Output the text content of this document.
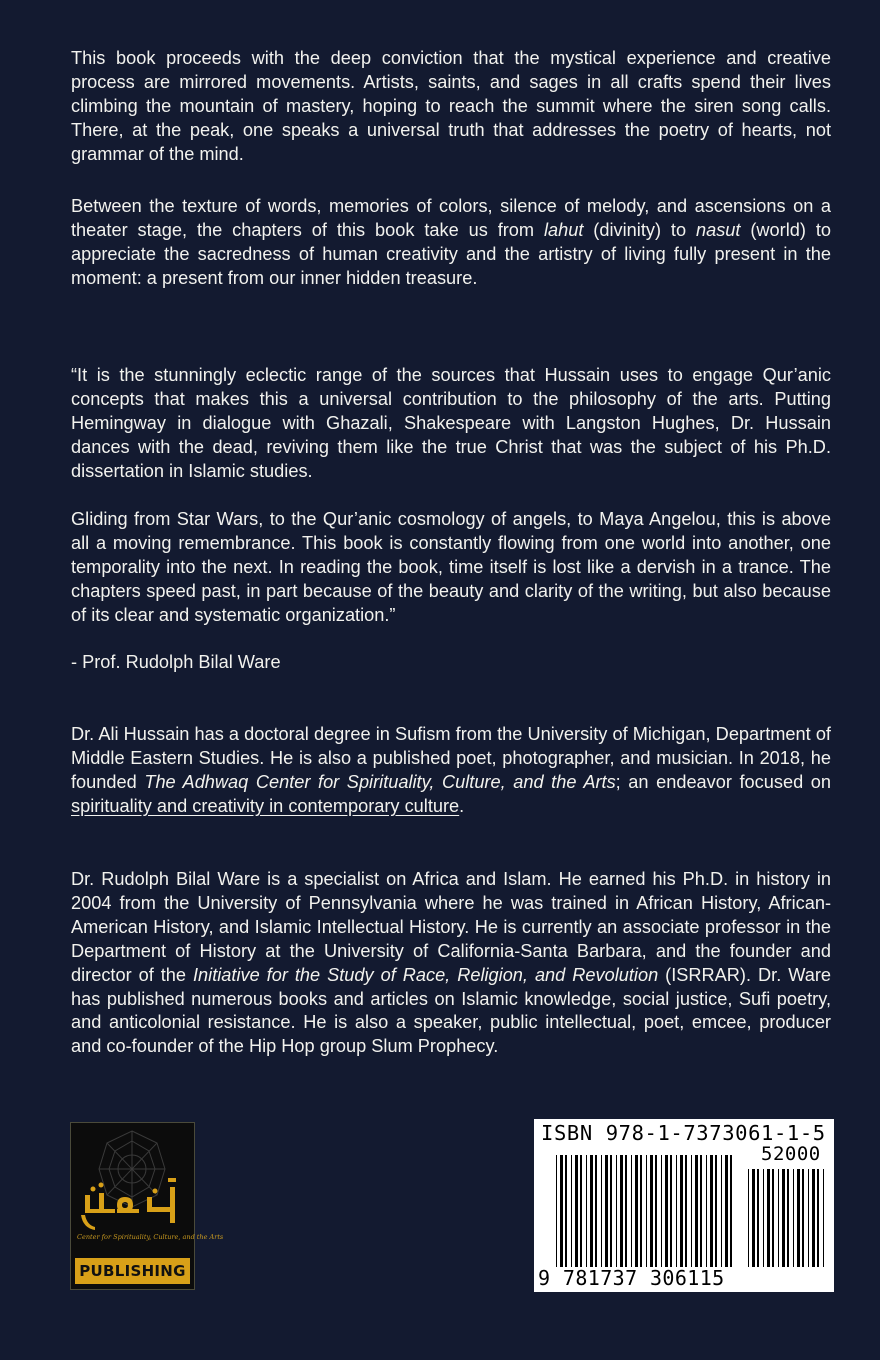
This book proceeds with the deep conviction that the mystical experience and creative process are mirrored movements. Artists, saints, and sages in all crafts spend their lives climbing the mountain of mastery, hoping to reach the summit where the siren song calls. There, at the peak, one speaks a universal truth that addresses the poetry of hearts, not grammar of the mind.

Between the texture of words, memories of colors, silence of melody, and ascensions on a theater stage, the chapters of this book take us from lahut (divinity) to nasut (world) to appreciate the sacredness of human creativity and the artistry of living fully present in the moment: a present from our inner hidden treasure.

“It is the stunningly eclectic range of the sources that Hussain uses to engage Qur’anic concepts that makes this a universal contribution to the philosophy of the arts. Putting Hemingway in dialogue with Ghazali, Shakespeare with Langston Hughes, Dr. Hussain dances with the dead, reviving them like the true Christ that was the subject of his Ph.D. dissertation in Islamic studies.

Gliding from Star Wars, to the Qur’anic cosmology of angels, to Maya Angelou, this is above all a moving remembrance. This book is constantly flowing from one world into another, one temporality into the next. In reading the book, time itself is lost like a dervish in a trance. The chapters speed past, in part because of the beauty and clarity of the writing, but also because of its clear and systematic organization.”

- Prof. Rudolph Bilal Ware

Dr. Ali Hussain has a doctoral degree in Sufism from the University of Michigan, Department of Middle Eastern Studies. He is also a published poet, photographer, and musician. In 2018, he founded The Adhwaq Center for Spirituality, Culture, and the Arts; an endeavor focused on spirituality and creativity in contemporary culture.

Dr. Rudolph Bilal Ware is a specialist on Africa and Islam. He earned his Ph.D. in history in 2004 from the University of Pennsylvania where he was trained in African History, African-American History, and Islamic Intellectual History. He is currently an associate professor in the Department of History at the University of California-Santa Barbara, and the founder and director of the Initiative for the Study of Race, Religion, and Revolution (ISRRAR). Dr. Ware has published numerous books and articles on Islamic knowledge, social justice, Sufi poetry, and anticolonial resistance. He is also a speaker, public intellectual, poet, emcee, producer and co-founder of the Hip Hop group Slum Prophecy.

Center for Spirituality, Culture, and the Arts
PUBLISHING
ISBN 978-1-7373061-1-5
52000
9 781737 306115
